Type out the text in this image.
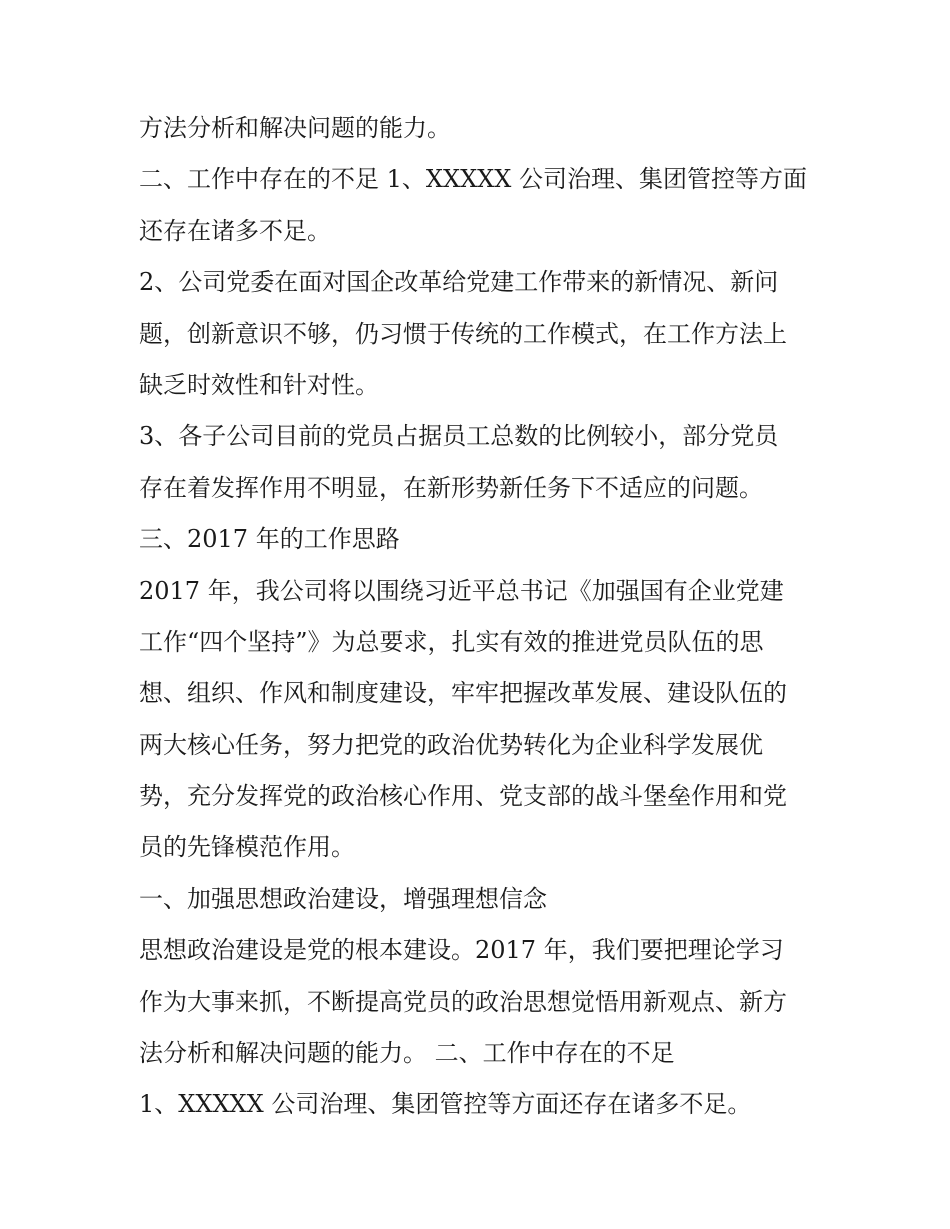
方法分析和解决问题的能力。
二、工作中存在的不足 1、XXXXX 公司治理、集团管控等方面
还存在诸多不足。
2、公司党委在面对国企改革给党建工作带来的新情况、新问
题，创新意识不够，仍习惯于传统的工作模式，在工作方法上
缺乏时效性和针对性。
3、各子公司目前的党员占据员工总数的比例较小，部分党员
存在着发挥作用不明显，在新形势新任务下不适应的问题。
三、2017 年的工作思路
2017 年，我公司将以围绕习近平总书记《加强国有企业党建
工作“四个坚持”》为总要求，扎实有效的推进党员队伍的思
想、组织、作风和制度建设，牢牢把握改革发展、建设队伍的
两大核心任务，努力把党的政治优势转化为企业科学发展优
势，充分发挥党的政治核心作用、党支部的战斗堡垒作用和党
员的先锋模范作用。
一、加强思想政治建设，增强理想信念
思想政治建设是党的根本建设。2017 年，我们要把理论学习
作为大事来抓，不断提高党员的政治思想觉悟用新观点、新方
法分析和解决问题的能力。 二、工作中存在的不足
1、XXXXX 公司治理、集团管控等方面还存在诸多不足。
